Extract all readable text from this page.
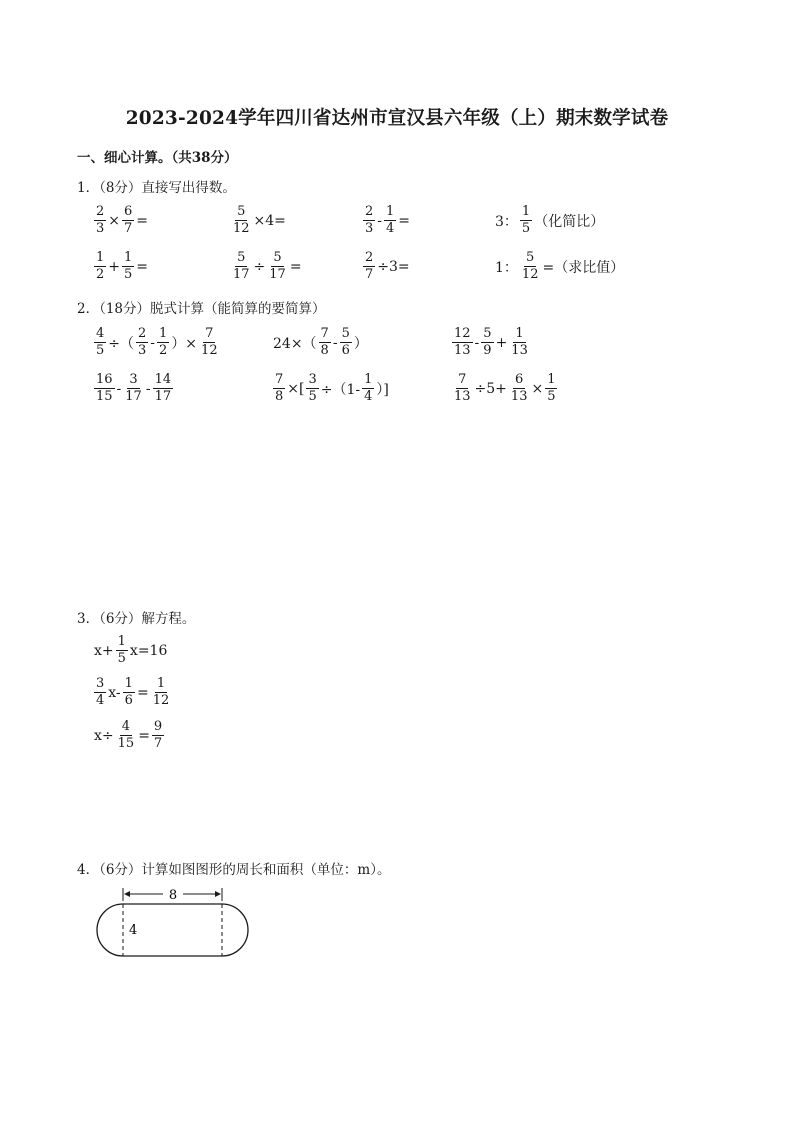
2023-2024学年四川省达州市宣汉县六年级（上）期末数学试卷
一、细心计算。（共38分）
1．（8分）直接写出得数。
2．（18分）脱式计算（能简算的要简算）
3．（6分）解方程。
4．（6分）计算如图图形的周长和面积（单位：m）。
$\frac{2}{3} \times \frac{6}{7}$ =	$\frac{5}{12} \times 4=$	$\frac{2}{3} - \frac{1}{4}$ =	3： $\frac{1}{5}$ （化简比）
$\frac{1}{2} + \frac{1}{5}$ =	$\frac{5}{17} \div \frac{5}{17}$ =	$\frac{2}{7} \div 3=$	1： $\frac{5}{12}$ =（求比值）
$\frac{4}{5}$ ÷（ $\frac{2}{3} - \frac{1}{2}$ ）× $\frac{7}{12}$	$24\times( \frac{7}{8} - \frac{5}{6}$ ）	$\frac{12}{13} - \frac{5}{9} + \frac{1}{13}$
$\frac{16}{15} - \frac{3}{17} - \frac{14}{17}$	$\frac{7}{8}$ ×[ $\frac{3}{5} \div(1- \frac{1}{4}$ ）]	$\frac{7}{13} \div 5+ \frac{6}{13} \times \frac{1}{5}$
$x+ \frac{1}{5} x=16$
$\frac{3}{4} x- \frac{1}{6} = \frac{1}{12}$
$x\div \frac{4}{15} = \frac{9}{7}$
8
4
